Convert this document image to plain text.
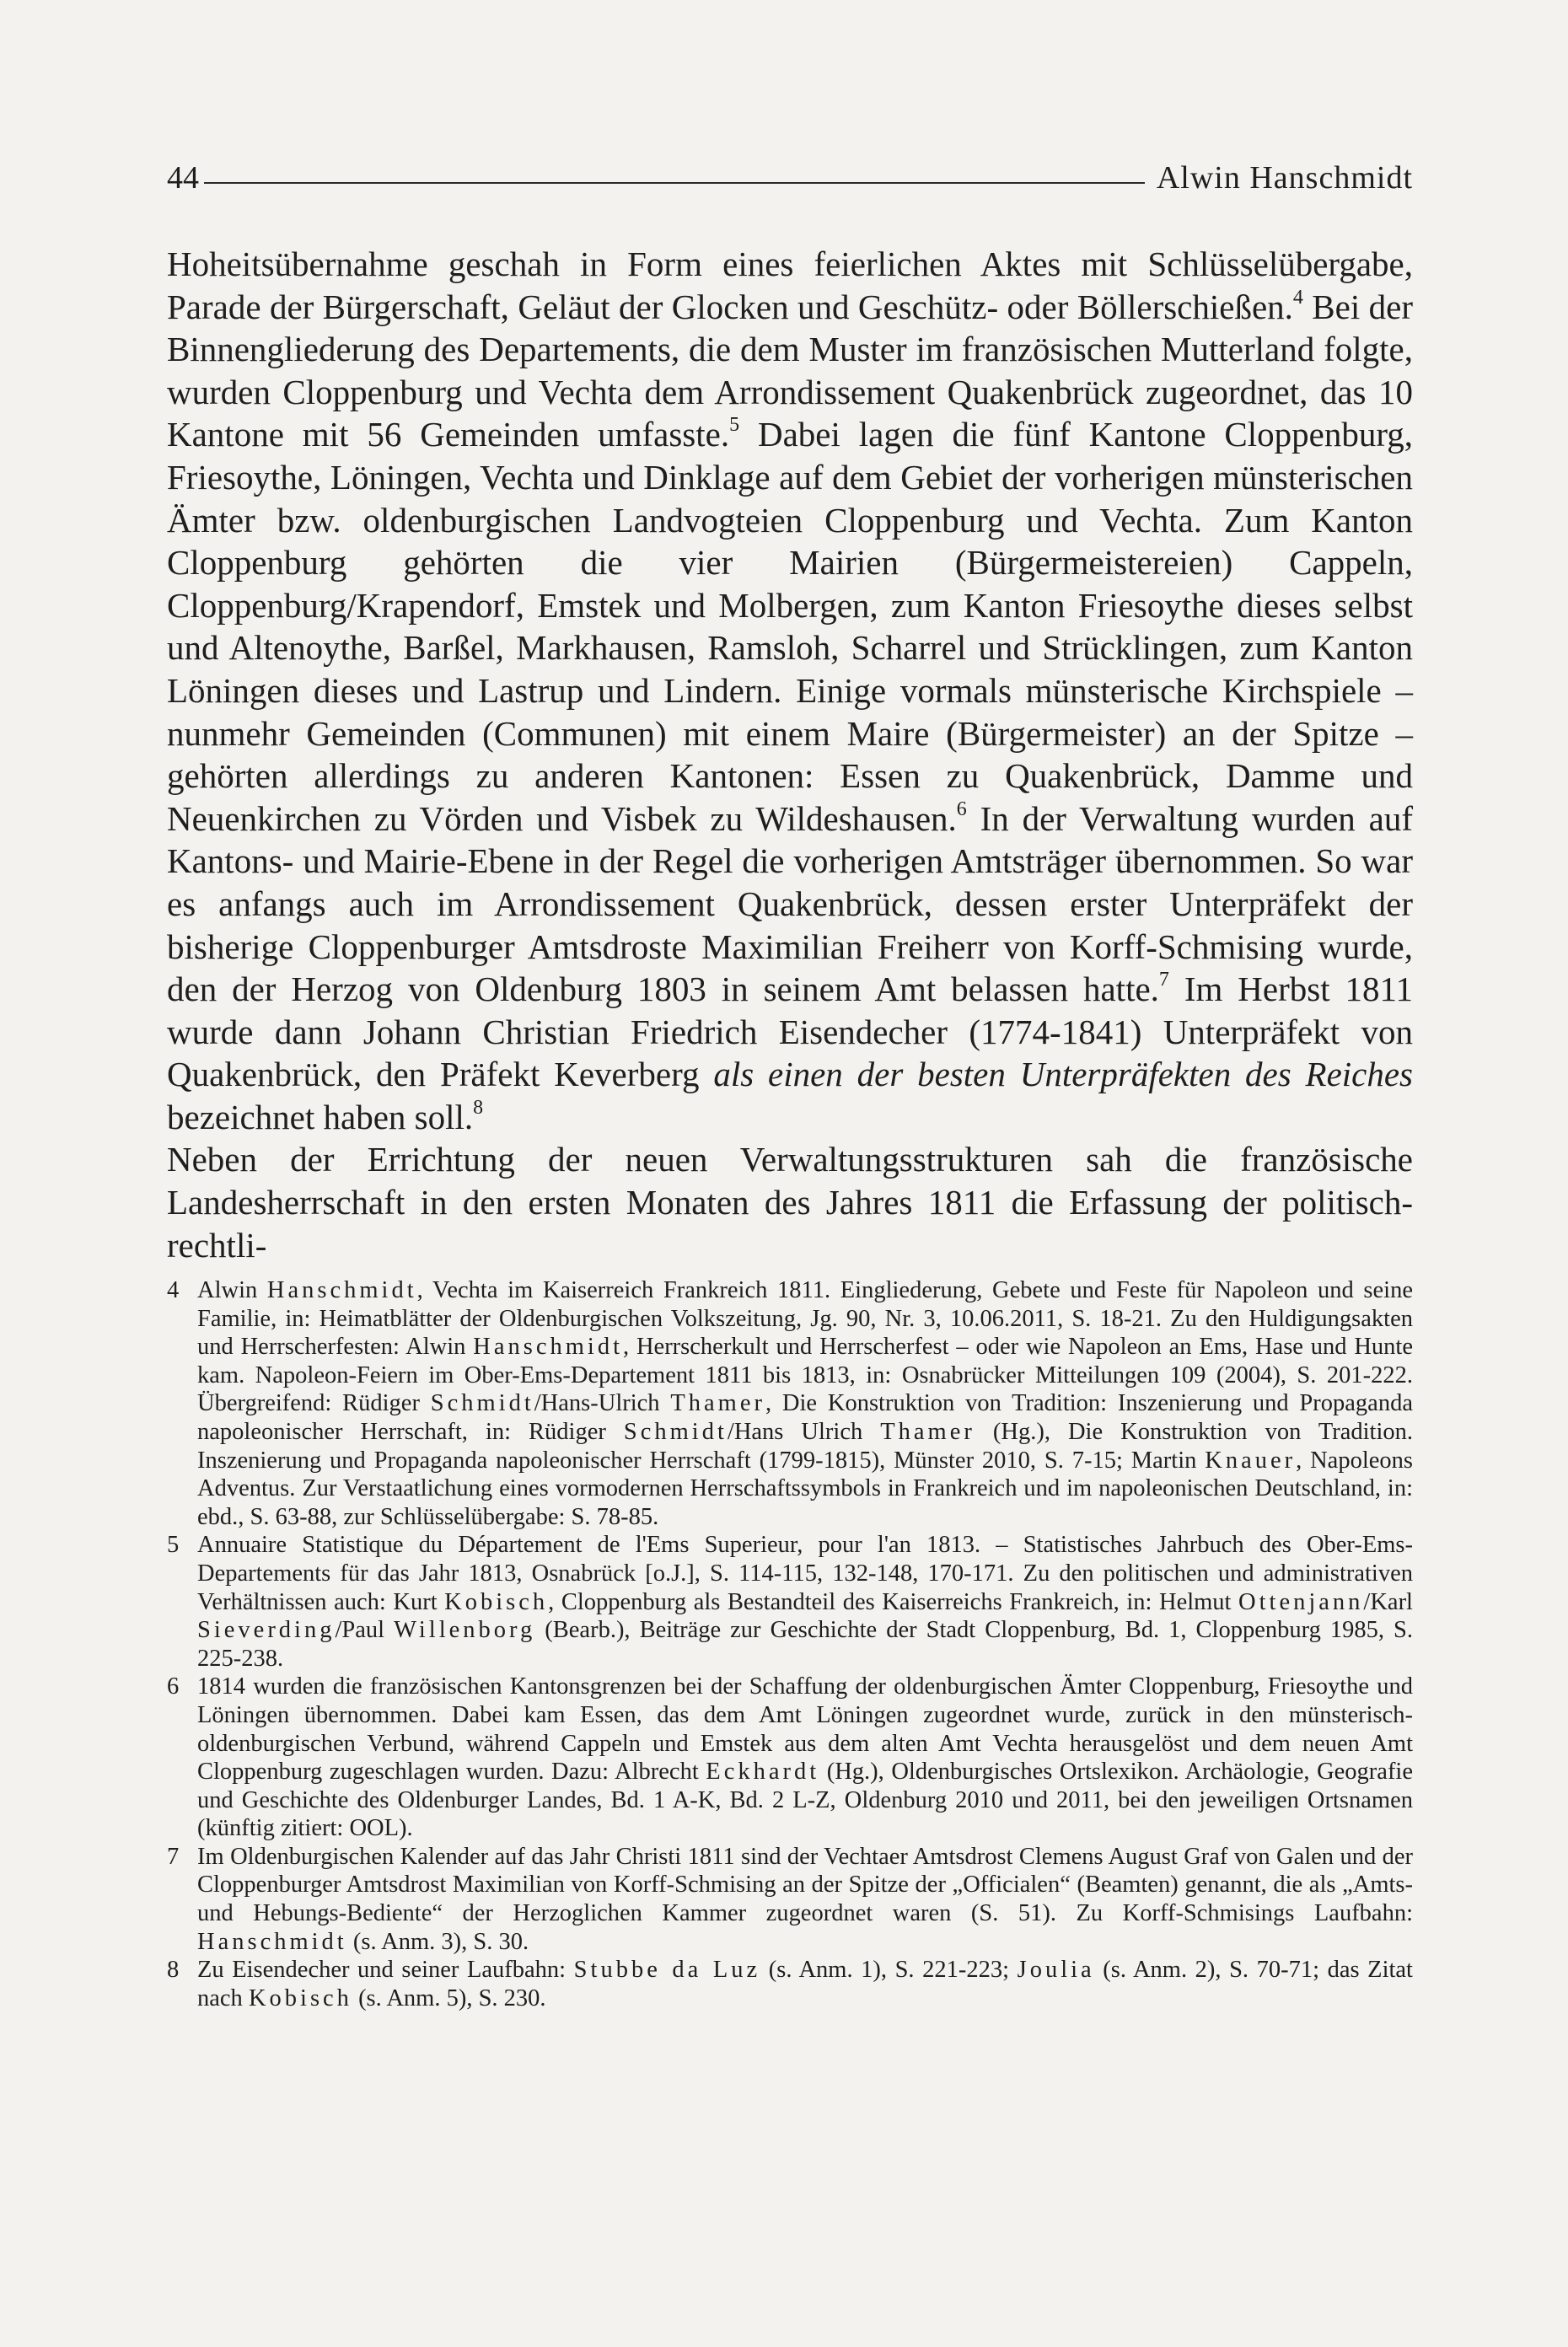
44	Alwin Hanschmidt

Hoheitsübernahme geschah in Form eines feierlichen Aktes mit Schlüsselübergabe, Parade der Bürgerschaft, Geläut der Glocken und Geschütz- oder Böllerschießen.$^4$ Bei der Binnengliederung des Departements, die dem Muster im französischen Mutterland folgte, wurden Cloppenburg und Vechta dem Arrondissement Quakenbrück zugeordnet, das 10 Kantone mit 56 Gemeinden umfasste.$^5$ Dabei lagen die fünf Kantone Cloppenburg, Friesoythe, Löningen, Vechta und Dinklage auf dem Gebiet der vorherigen münsterischen Ämter bzw. oldenburgischen Landvogteien Cloppenburg und Vechta. Zum Kanton Cloppenburg gehörten die vier Mairien (Bürgermeistereien) Cappeln, Cloppenburg/Krapendorf, Emstek und Molbergen, zum Kanton Friesoythe dieses selbst und Altenoythe, Barßel, Markhausen, Ramsloh, Scharrel und Strücklingen, zum Kanton Löningen dieses und Lastrup und Lindern. Einige vormals münsterische Kirchspiele – nunmehr Gemeinden (Communen) mit einem Maire (Bürgermeister) an der Spitze – gehörten allerdings zu anderen Kantonen: Essen zu Quakenbrück, Damme und Neuenkirchen zu Vörden und Visbek zu Wildeshausen.$^6$ In der Verwaltung wurden auf Kantons- und Mairie-Ebene in der Regel die vorherigen Amtsträger übernommen. So war es anfangs auch im Arrondissement Quakenbrück, dessen erster Unterpräfekt der bisherige Cloppenburger Amtsdroste Maximilian Freiherr von Korff-Schmising wurde, den der Herzog von Oldenburg 1803 in seinem Amt belassen hatte.$^7$ Im Herbst 1811 wurde dann Johann Christian Friedrich Eisendecher (1774-1841) Unterpräfekt von Quakenbrück, den Präfekt Keverberg als einen der besten Unterpräfekten des Reiches bezeichnet haben soll.$^8$

Neben der Errichtung der neuen Verwaltungsstrukturen sah die französische Landesherrschaft in den ersten Monaten des Jahres 1811 die Erfassung der politisch-rechtli-

4 Alwin Hanschmidt, Vechta im Kaiserreich Frankreich 1811. Eingliederung, Gebete und Feste für Napoleon und seine Familie, in: Heimatblätter der Oldenburgischen Volkszeitung, Jg. 90, Nr. 3, 10.06.2011, S. 18-21. Zu den Huldigungsakten und Herrscherfesten: Alwin Hanschmidt, Herrscherkult und Herrscherfest – oder wie Napoleon an Ems, Hase und Hunte kam. Napoleon-Feiern im Ober-Ems-Departement 1811 bis 1813, in: Osnabrücker Mitteilungen 109 (2004), S. 201-222. Übergreifend: Rüdiger Schmidt/Hans-Ulrich Thamer, Die Konstruktion von Tradition: Inszenierung und Propaganda napoleonischer Herrschaft, in: Rüdiger Schmidt/Hans Ulrich Thamer (Hg.), Die Konstruktion von Tradition. Inszenierung und Propaganda napoleonischer Herrschaft (1799-1815), Münster 2010, S. 7-15; Martin Knauer, Napoleons Adventus. Zur Verstaatlichung eines vormodernen Herrschaftssymbols in Frankreich und im napoleonischen Deutschland, in: ebd., S. 63-88, zur Schlüsselübergabe: S. 78-85.
5 Annuaire Statistique du Département de l'Ems Superieur, pour l'an 1813. – Statistisches Jahrbuch des Ober-Ems-Departements für das Jahr 1813, Osnabrück [o.J.], S. 114-115, 132-148, 170-171. Zu den politischen und administrativen Verhältnissen auch: Kurt Kobisch, Cloppenburg als Bestandteil des Kaiserreichs Frankreich, in: Helmut Ottenjann/Karl Sieverding/Paul Willenborg (Bearb.), Beiträge zur Geschichte der Stadt Cloppenburg, Bd. 1, Cloppenburg 1985, S. 225-238.
6 1814 wurden die französischen Kantonsgrenzen bei der Schaffung der oldenburgischen Ämter Cloppenburg, Friesoythe und Löningen übernommen. Dabei kam Essen, das dem Amt Löningen zugeordnet wurde, zurück in den münsterisch-oldenburgischen Verbund, während Cappeln und Emstek aus dem alten Amt Vechta herausgelöst und dem neuen Amt Cloppenburg zugeschlagen wurden. Dazu: Albrecht Eckhardt (Hg.), Oldenburgisches Ortslexikon. Archäologie, Geografie und Geschichte des Oldenburger Landes, Bd. 1 A-K, Bd. 2 L-Z, Oldenburg 2010 und 2011, bei den jeweiligen Ortsnamen (künftig zitiert: OOL).
7 Im Oldenburgischen Kalender auf das Jahr Christi 1811 sind der Vechtaer Amtsdrost Clemens August Graf von Galen und der Cloppenburger Amtsdrost Maximilian von Korff-Schmising an der Spitze der „Officialen“ (Beamten) genannt, die als „Amts- und Hebungs-Bediente“ der Herzoglichen Kammer zugeordnet waren (S. 51). Zu Korff-Schmisings Laufbahn: Hanschmidt (s. Anm. 3), S. 30.
8 Zu Eisendecher und seiner Laufbahn: Stubbe da Luz (s. Anm. 1), S. 221-223; Joulia (s. Anm. 2), S. 70-71; das Zitat nach Kobisch (s. Anm. 5), S. 230.
